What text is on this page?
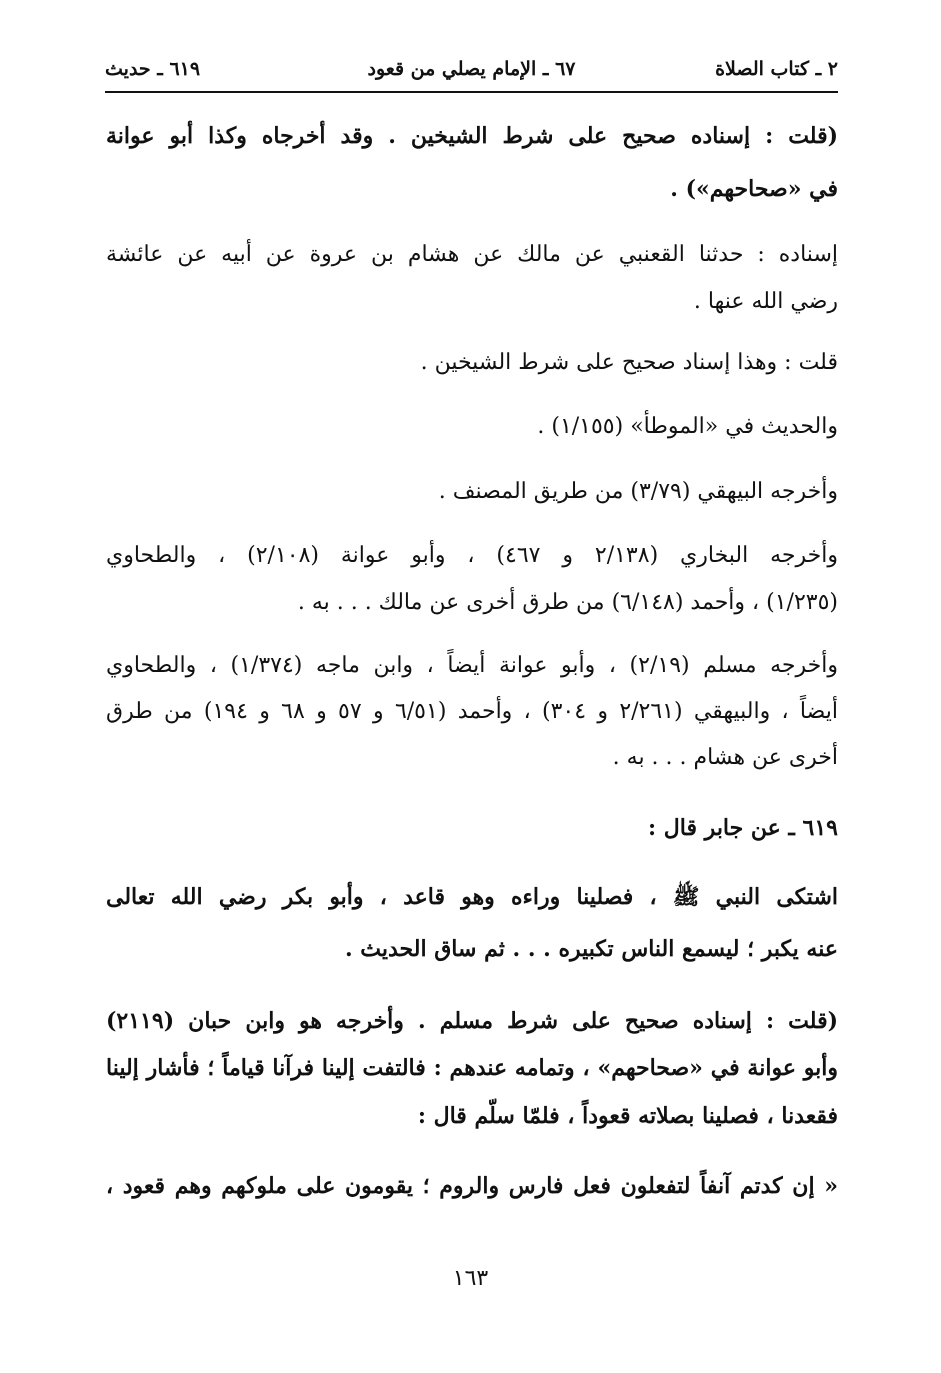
٢ ـ كتاب الصلاة
٦٧ ـ الإمام يصلي من قعود
٦١٩ ـ حديث
(قلت : إسناده صحيح على شرط الشيخين . وقد أخرجاه وكذا أبو عوانة
في «صحاحهم») .
إسناده : حدثنا القعنبي عن مالك عن هشام بن عروة عن أبيه عن عائشة
رضي الله عنها .
قلت : وهذا إسناد صحيح على شرط الشيخين .
والحديث في «الموطأ» (١/١٥٥) .
وأخرجه البيهقي (٣/٧٩) من طريق المصنف .
وأخرجه البخاري (٢/١٣٨ و ٤٦٧) ، وأبو عوانة (٢/١٠٨) ، والطحاوي
(١/٢٣٥) ، وأحمد (٦/١٤٨) من طرق أخرى عن مالك . . . به .
وأخرجه مسلم (٢/١٩) ، وأبو عوانة أيضاً ، وابن ماجه (١/٣٧٤) ، والطحاوي
أيضاً ، والبيهقي (٢/٢٦١ و ٣٠٤) ، وأحمد (٦/٥١ و ٥٧ و ٦٨ و ١٩٤) من طرق
أخرى عن هشام . . . به .
٦١٩ ـ عن جابر قال :
اشتكى النبي ﷺ ، فصلينا وراءه وهو قاعد ، وأبو بكر رضي الله تعالى
عنه يكبر ؛ ليسمع الناس تكبيره . . . ثم ساق الحديث .
(قلت : إسناده صحيح على شرط مسلم . وأخرجه هو وابن حبان (٢١١٩)
وأبو عوانة في «صحاحهم» ، وتمامه عندهم : فالتفت إلينا فرآنا قياماً ؛ فأشار إلينا
فقعدنا ، فصلينا بصلاته قعوداً ، فلمّا سلّم قال :
« إن كدتم آنفاً لتفعلون فعل فارس والروم ؛ يقومون على ملوكهم وهم قعود ،
١٦٣
